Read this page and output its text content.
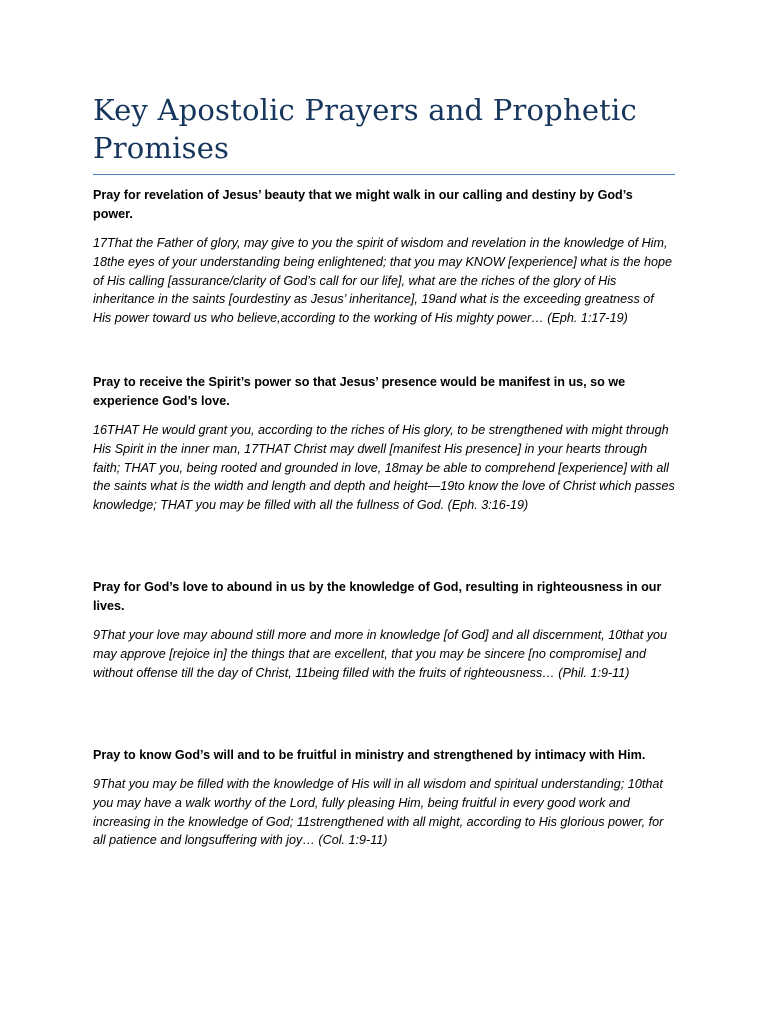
Key Apostolic Prayers and Prophetic Promises

Pray for revelation of Jesus’ beauty that we might walk in our calling and destiny by God’s power.

17That the Father of glory, may give to you the spirit of wisdom and revelation in the knowledge of Him, 18the eyes of your understanding being enlightened; that you may KNOW [experience] what is the hope of His calling [assurance/clarity of God’s call for our life], what are the riches of the glory of His inheritance in the saints [ourdestiny as Jesus’ inheritance], 19and what is the exceeding greatness of His power toward us who believe,according to the working of His mighty power… (Eph. 1:17-19)

Pray to receive the Spirit’s power so that Jesus’ presence would be manifest in us, so we experience God’s love.

16THAT He would grant you, according to the riches of His glory, to be strengthened with might through His Spirit in the inner man, 17THAT Christ may dwell [manifest His presence] in your hearts through faith; THAT you, being rooted and grounded in love, 18may be able to comprehend [experience] with all the saints what is the width and length and depth and height—19to know the love of Christ which passes knowledge; THAT you may be filled with all the fullness of God. (Eph. 3:16-19)

Pray for God’s love to abound in us by the knowledge of God, resulting in righteousness in our lives.

9That your love may abound still more and more in knowledge [of God] and all discernment, 10that you may approve [rejoice in] the things that are excellent, that you may be sincere [no compromise] and without offense till the day of Christ, 11being filled with the fruits of righteousness… (Phil. 1:9-11)

Pray to know God’s will and to be fruitful in ministry and strengthened by intimacy with Him.

9That you may be filled with the knowledge of His will in all wisdom and spiritual understanding; 10that you may have a walk worthy of the Lord, fully pleasing Him, being fruitful in every good work and increasing in the knowledge of God; 11strengthened with all might, according to His glorious power, for all patience and longsuffering with joy… (Col. 1:9-11)
